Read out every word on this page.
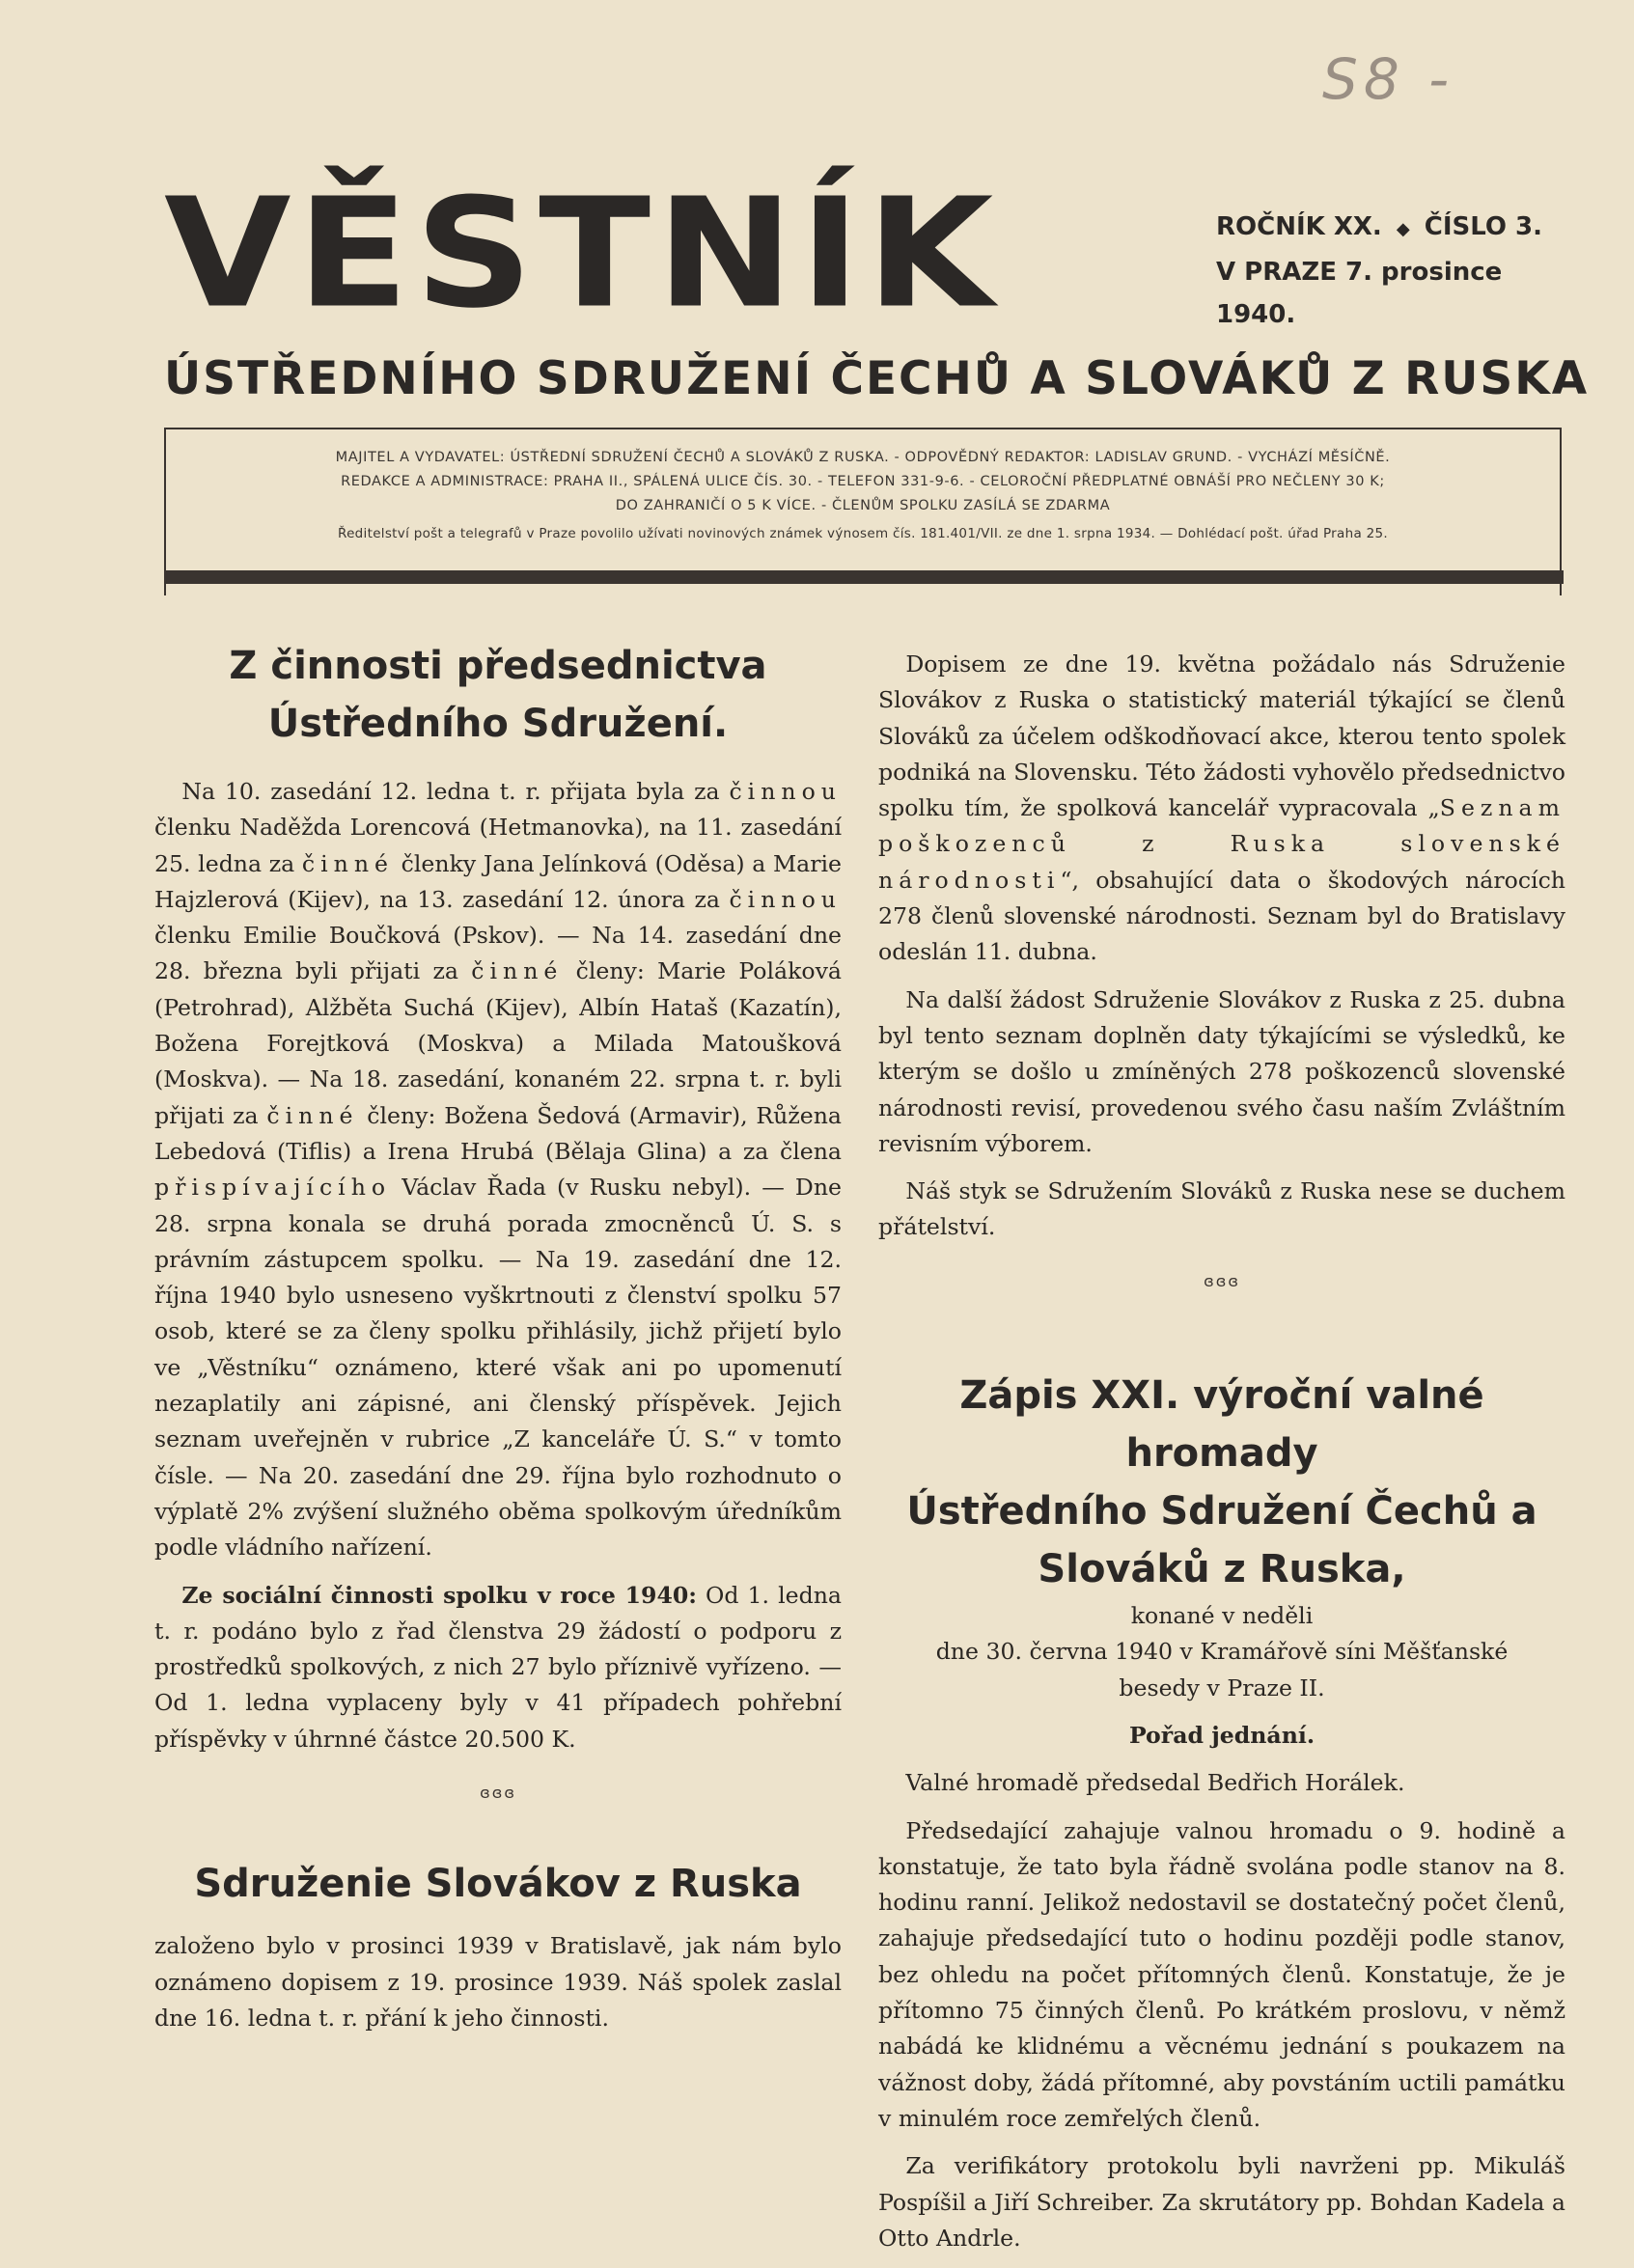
S8 -
VĚSTNÍK	ROČNÍK XX. ◆ ČÍSLO 3.
V PRAZE 7. prosince 1940.
ÚSTŘEDNÍHO SDRUŽENÍ ČECHŮ A SLOVÁKŮ Z RUSKA

MAJITEL A VYDAVATEL: ÚSTŘEDNÍ SDRUŽENÍ ČECHŮ A SLOVÁKŮ Z RUSKA. - ODPOVĚDNÝ REDAKTOR: LADISLAV GRUND. - VYCHÁZÍ MĚSÍČNĚ.

REDAKCE A ADMINISTRACE: PRAHA II., SPÁLENÁ ULICE ČÍS. 30. - TELEFON 331-9-6. - CELOROČNÍ PŘEDPLATNÉ OBNÁŠÍ PRO NEČLENY 30 K;

DO ZAHRANIČÍ O 5 K VÍCE. - ČLENŮM SPOLKU ZASÍLÁ SE ZDARMA

Ředitelství pošt a telegrafů v Praze povolilo užívati novinových známek výnosem čís. 181.401/VII. ze dne 1. srpna 1934. — Dohlédací pošt. úřad Praha 25.

Z činnosti předsednictva
Ústředního Sdružení.

Na 10. zasedání 12. ledna t. r. přijata byla za činnou členku Naděžda Lorencová (Hetmanovka), na 11. zasedání 25. ledna za činné členky Jana Jelínková (Oděsa) a Marie Hajzlerová (Kijev), na 13. zasedání 12. února za činnou členku Emilie Boučková (Pskov). — Na 14. zasedání dne 28. března byli přijati za činné členy: Marie Poláková (Petrohrad), Alžběta Suchá (Kijev), Albín Hataš (Kazatín), Božena Forejtková (Moskva) a Milada Matoušková (Moskva). — Na 18. zasedání, konaném 22. srpna t. r. byli přijati za činné členy: Božena Šedová (Armavir), Růžena Lebedová (Tiflis) a Irena Hrubá (Bělaja Glina) a za člena přispívajícího Václav Řada (v Rusku nebyl). — Dne 28. srpna konala se druhá porada zmocněnců Ú. S. s právním zástupcem spolku. — Na 19. zasedání dne 12. října 1940 bylo usneseno vyškrtnouti z členství spolku 57 osob, které se za členy spolku přihlásily, jichž přijetí bylo ve „Věstníku“ oznámeno, které však ani po upomenutí nezaplatily ani zápisné, ani členský příspěvek. Jejich seznam uveřejněn v rubrice „Z kanceláře Ú. S.“ v tomto čísle. — Na 20. zasedání dne 29. října bylo rozhodnuto o výplatě 2% zvýšení služného oběma spolkovým úředníkům podle vládního nařízení.

Ze sociální činnosti spolku v roce 1940: Od 1. ledna t. r. podáno bylo z řad členstva 29 žádostí o podporu z prostředků spolkových, z nich 27 bylo příznivě vyřízeno. — Od 1. ledna vyplaceny byly v 41 případech pohřební příspěvky v úhrnné částce 20.500 K.

ɞɞɞ
Sdruženie Slovákov z Ruska

založeno bylo v prosinci 1939 v Bratislavě, jak nám bylo oznámeno dopisem z 19. prosince 1939. Náš spolek zaslal dne 16. ledna t. r. přání k jeho činnosti.

Dopisem ze dne 19. května požádalo nás Sdruženie Slovákov z Ruska o statistický materiál týkající se členů Slováků za účelem odškodňovací akce, kterou tento spolek podniká na Slovensku. Této žádosti vyhovělo předsednictvo spolku tím, že spolková kancelář vypracovala „Seznam poškozenců z Ruska slovenské národnosti“, obsahující data o škodových nárocích 278 členů slovenské národnosti. Seznam byl do Bratislavy odeslán 11. dubna.

Na další žádost Sdruženie Slovákov z Ruska z 25. dubna byl tento seznam doplněn daty týkajícími se výsledků, ke kterým se došlo u zmíněných 278 poškozenců slovenské národnosti revisí, provedenou svého času naším Zvláštním revisním výborem.

Náš styk se Sdružením Slováků z Ruska nese se duchem přátelství.

ɞɞɞ
Zápis XXI. výroční valné hromady
Ústředního Sdružení Čechů a
Slováků z Ruska,

konané v neděli

dne 30. června 1940 v Kramářově síni Měšťanské besedy v Praze II.

Pořad jednání.

Valné hromadě předsedal Bedřich Horálek.

Předsedající zahajuje valnou hromadu o 9. hodině a konstatuje, že tato byla řádně svolána podle stanov na 8. hodinu ranní. Jelikož nedostavil se dostatečný počet členů, zahajuje předsedající tuto o hodinu později podle stanov, bez ohledu na počet přítomných členů. Konstatuje, že je přítomno 75 činných členů. Po krátkém proslovu, v němž nabádá ke klidnému a věcnému jednání s poukazem na vážnost doby, žádá přítomné, aby povstáním uctili památku v minulém roce zemřelých členů.

Za verifikátory protokolu byli navrženi pp. Mikuláš Pospíšil a Jiří Schreiber. Za skrutátory pp. Bohdan Kadela a Otto Andrle.
